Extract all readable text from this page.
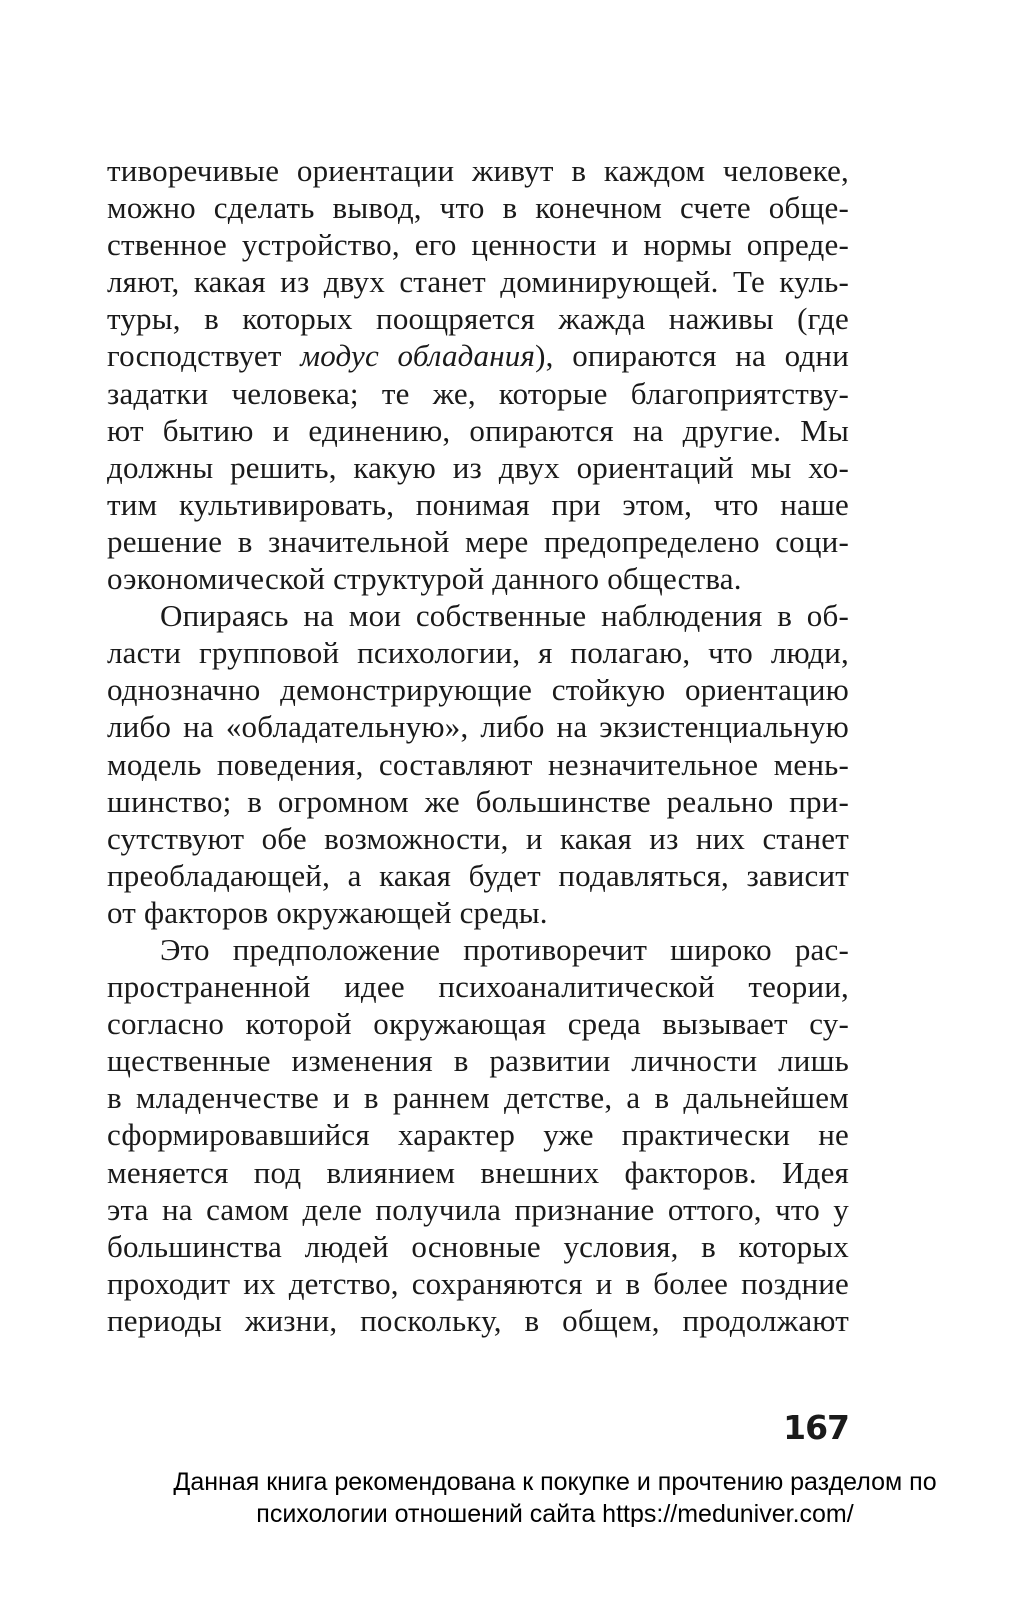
тиворечивые ориентации живут в каждом человеке,
можно сделать вывод, что в конечном счете обще-
ственное устройство, его ценности и нормы опреде-
ляют, какая из двух станет доминирующей. Те куль-
туры, в которых поощряется жажда наживы (где
господствует модус обладания), опираются на одни
задатки человека; те же, которые благоприятству-
ют бытию и единению, опираются на другие. Мы
должны решить, какую из двух ориентаций мы хо-
тим культивировать, понимая при этом, что наше
решение в значительной мере предопределено соци-
оэкономической структурой данного общества.
Опираясь на мои собственные наблюдения в об-
ласти групповой психологии, я полагаю, что люди,
однозначно демонстрирующие стойкую ориентацию
либо на «обладательную», либо на экзистенциальную
модель поведения, составляют незначительное мень-
шинство; в огромном же большинстве реально при-
сутствуют обе возможности, и какая из них станет
преобладающей, а какая будет подавляться, зависит
от факторов окружающей среды.
Это предположение противоречит широко рас-
пространенной идее психоаналитической теории,
согласно которой окружающая среда вызывает су-
щественные изменения в развитии личности лишь
в младенчестве и в раннем детстве, а в дальнейшем
сформировавшийся характер уже практически не
меняется под влиянием внешних факторов. Идея
эта на самом деле получила признание оттого, что у
большинства людей основные условия, в которых
проходит их детство, сохраняются и в более поздние
периоды жизни, поскольку, в общем, продолжают
167
Данная книга рекомендована к покупке и прочтению разделом по
психологии отношений сайта https://meduniver.com/
